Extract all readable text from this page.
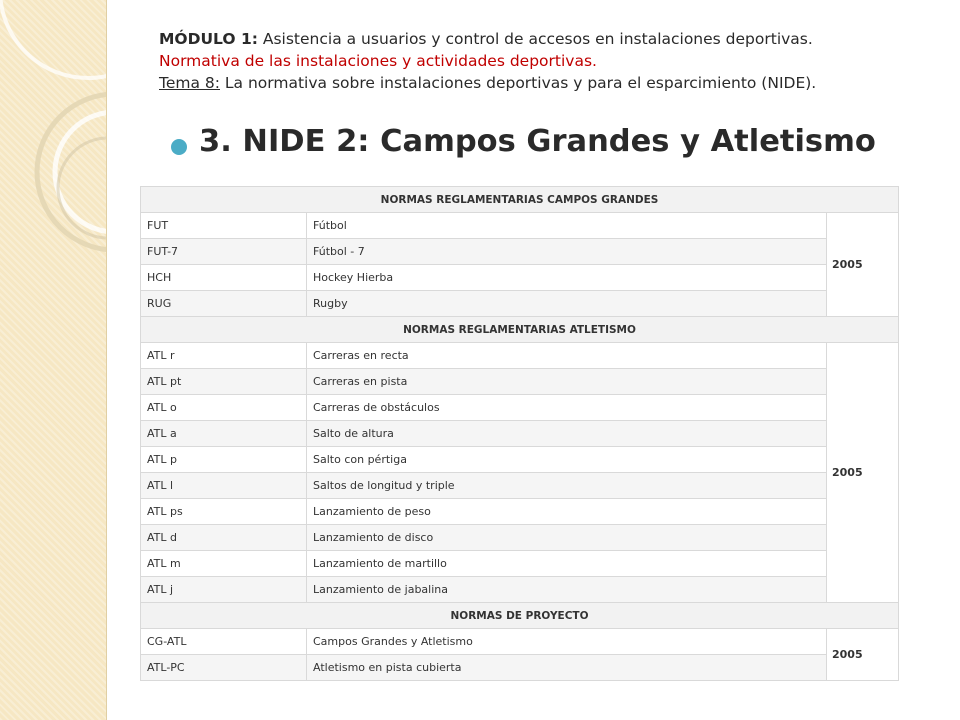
MÓDULO 1: Asistencia a usuarios y control de accesos en instalaciones deportivas.
Normativa de las instalaciones y actividades deportivas.
Tema 8: La normativa sobre instalaciones deportivas y para el esparcimiento (NIDE).
3. NIDE 2: Campos Grandes y Atletismo
NORMAS REGLAMENTARIAS CAMPOS GRANDES		
FUT	Fútbol	2005
FUT-7	Fútbol - 7	
HCH	Hockey Hierba	
RUG	Rugby	
NORMAS REGLAMENTARIAS ATLETISMO		
ATL r	Carreras en recta	2005
ATL pt	Carreras en pista	
ATL o	Carreras de obstáculos	
ATL a	Salto de altura	
ATL p	Salto con pértiga	
ATL l	Saltos de longitud y triple	
ATL ps	Lanzamiento de peso	
ATL d	Lanzamiento de disco	
ATL m	Lanzamiento de martillo	
ATL j	Lanzamiento de jabalina	
NORMAS DE PROYECTO		
CG-ATL	Campos Grandes y Atletismo	2005
ATL-PC	Atletismo en pista cubierta	
